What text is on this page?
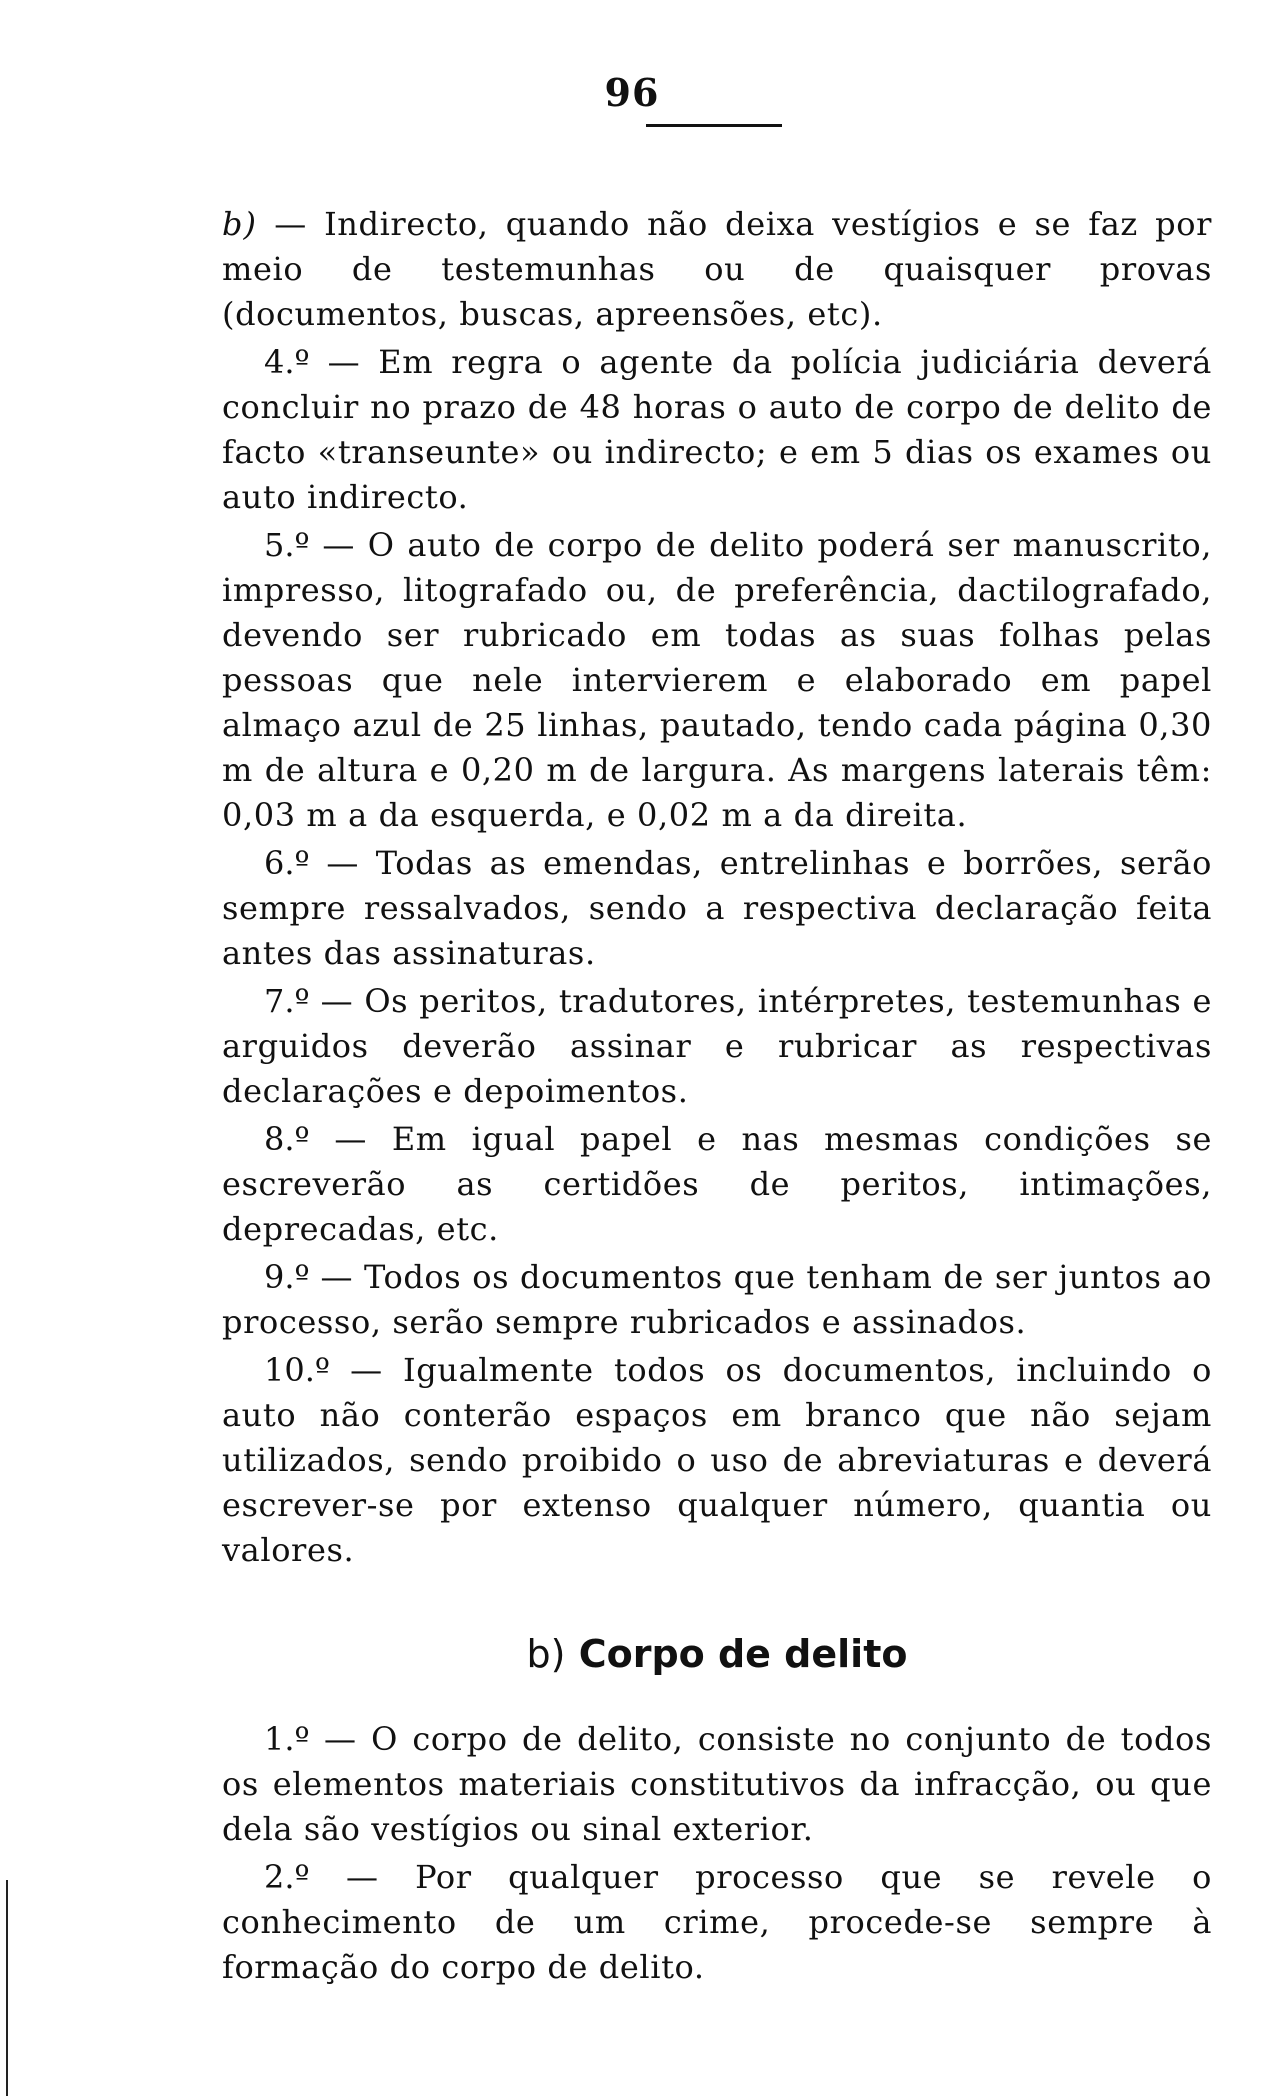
96

b) — Indirecto, quando não deixa vestígios e se faz por meio de testemunhas ou de quaisquer provas (documentos, buscas, apreensões, etc).

4.º — Em regra o agente da polícia judiciária deverá concluir no prazo de 48 horas o auto de corpo de delito de facto «transeunte» ou indirecto; e em 5 dias os exames ou auto indirecto.

5.º — O auto de corpo de delito poderá ser manuscrito, impresso, litografado ou, de preferência, dactilografado, devendo ser rubricado em todas as suas folhas pelas pessoas que nele intervierem e elaborado em papel almaço azul de 25 linhas, pautado, tendo cada página 0,30 m de altura e 0,20 m de largura. As margens laterais têm: 0,03 m a da esquerda, e 0,02 m a da direita.

6.º — Todas as emendas, entrelinhas e borrões, serão sempre ressalvados, sendo a respectiva declaração feita antes das assinaturas.

7.º — Os peritos, tradutores, intérpretes, testemunhas e arguidos deverão assinar e rubricar as respectivas declarações e depoimentos.

8.º — Em igual papel e nas mesmas condições se escreverão as certidões de peritos, intimações, deprecadas, etc.

9.º — Todos os documentos que tenham de ser juntos ao processo, serão sempre rubricados e assinados.

10.º — Igualmente todos os documentos, incluindo o auto não conterão espaços em branco que não sejam utilizados, sendo proibido o uso de abreviaturas e deverá escrever-se por extenso qualquer número, quantia ou valores.

b) Corpo de delito

1.º — O corpo de delito, consiste no conjunto de todos os elementos materiais constitutivos da infracção, ou que dela são vestígios ou sinal exterior.

2.º — Por qualquer processo que se revele o conhecimento de um crime, procede-se sempre à formação do corpo de delito.
